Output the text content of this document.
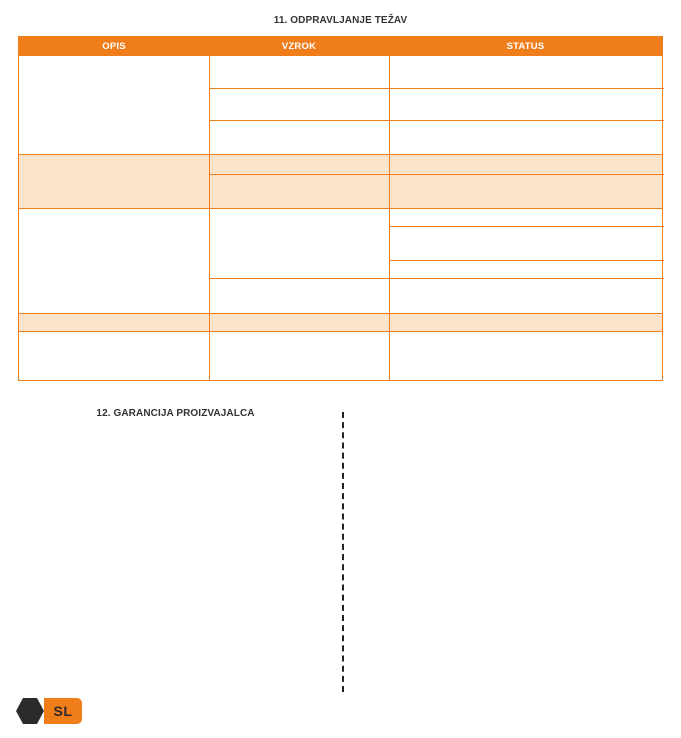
11. ODPRAVLJANJE TEŽAV
OPIS	VZROK	STATUS
12. GARANCIJA PROIZVAJALCA
SL
